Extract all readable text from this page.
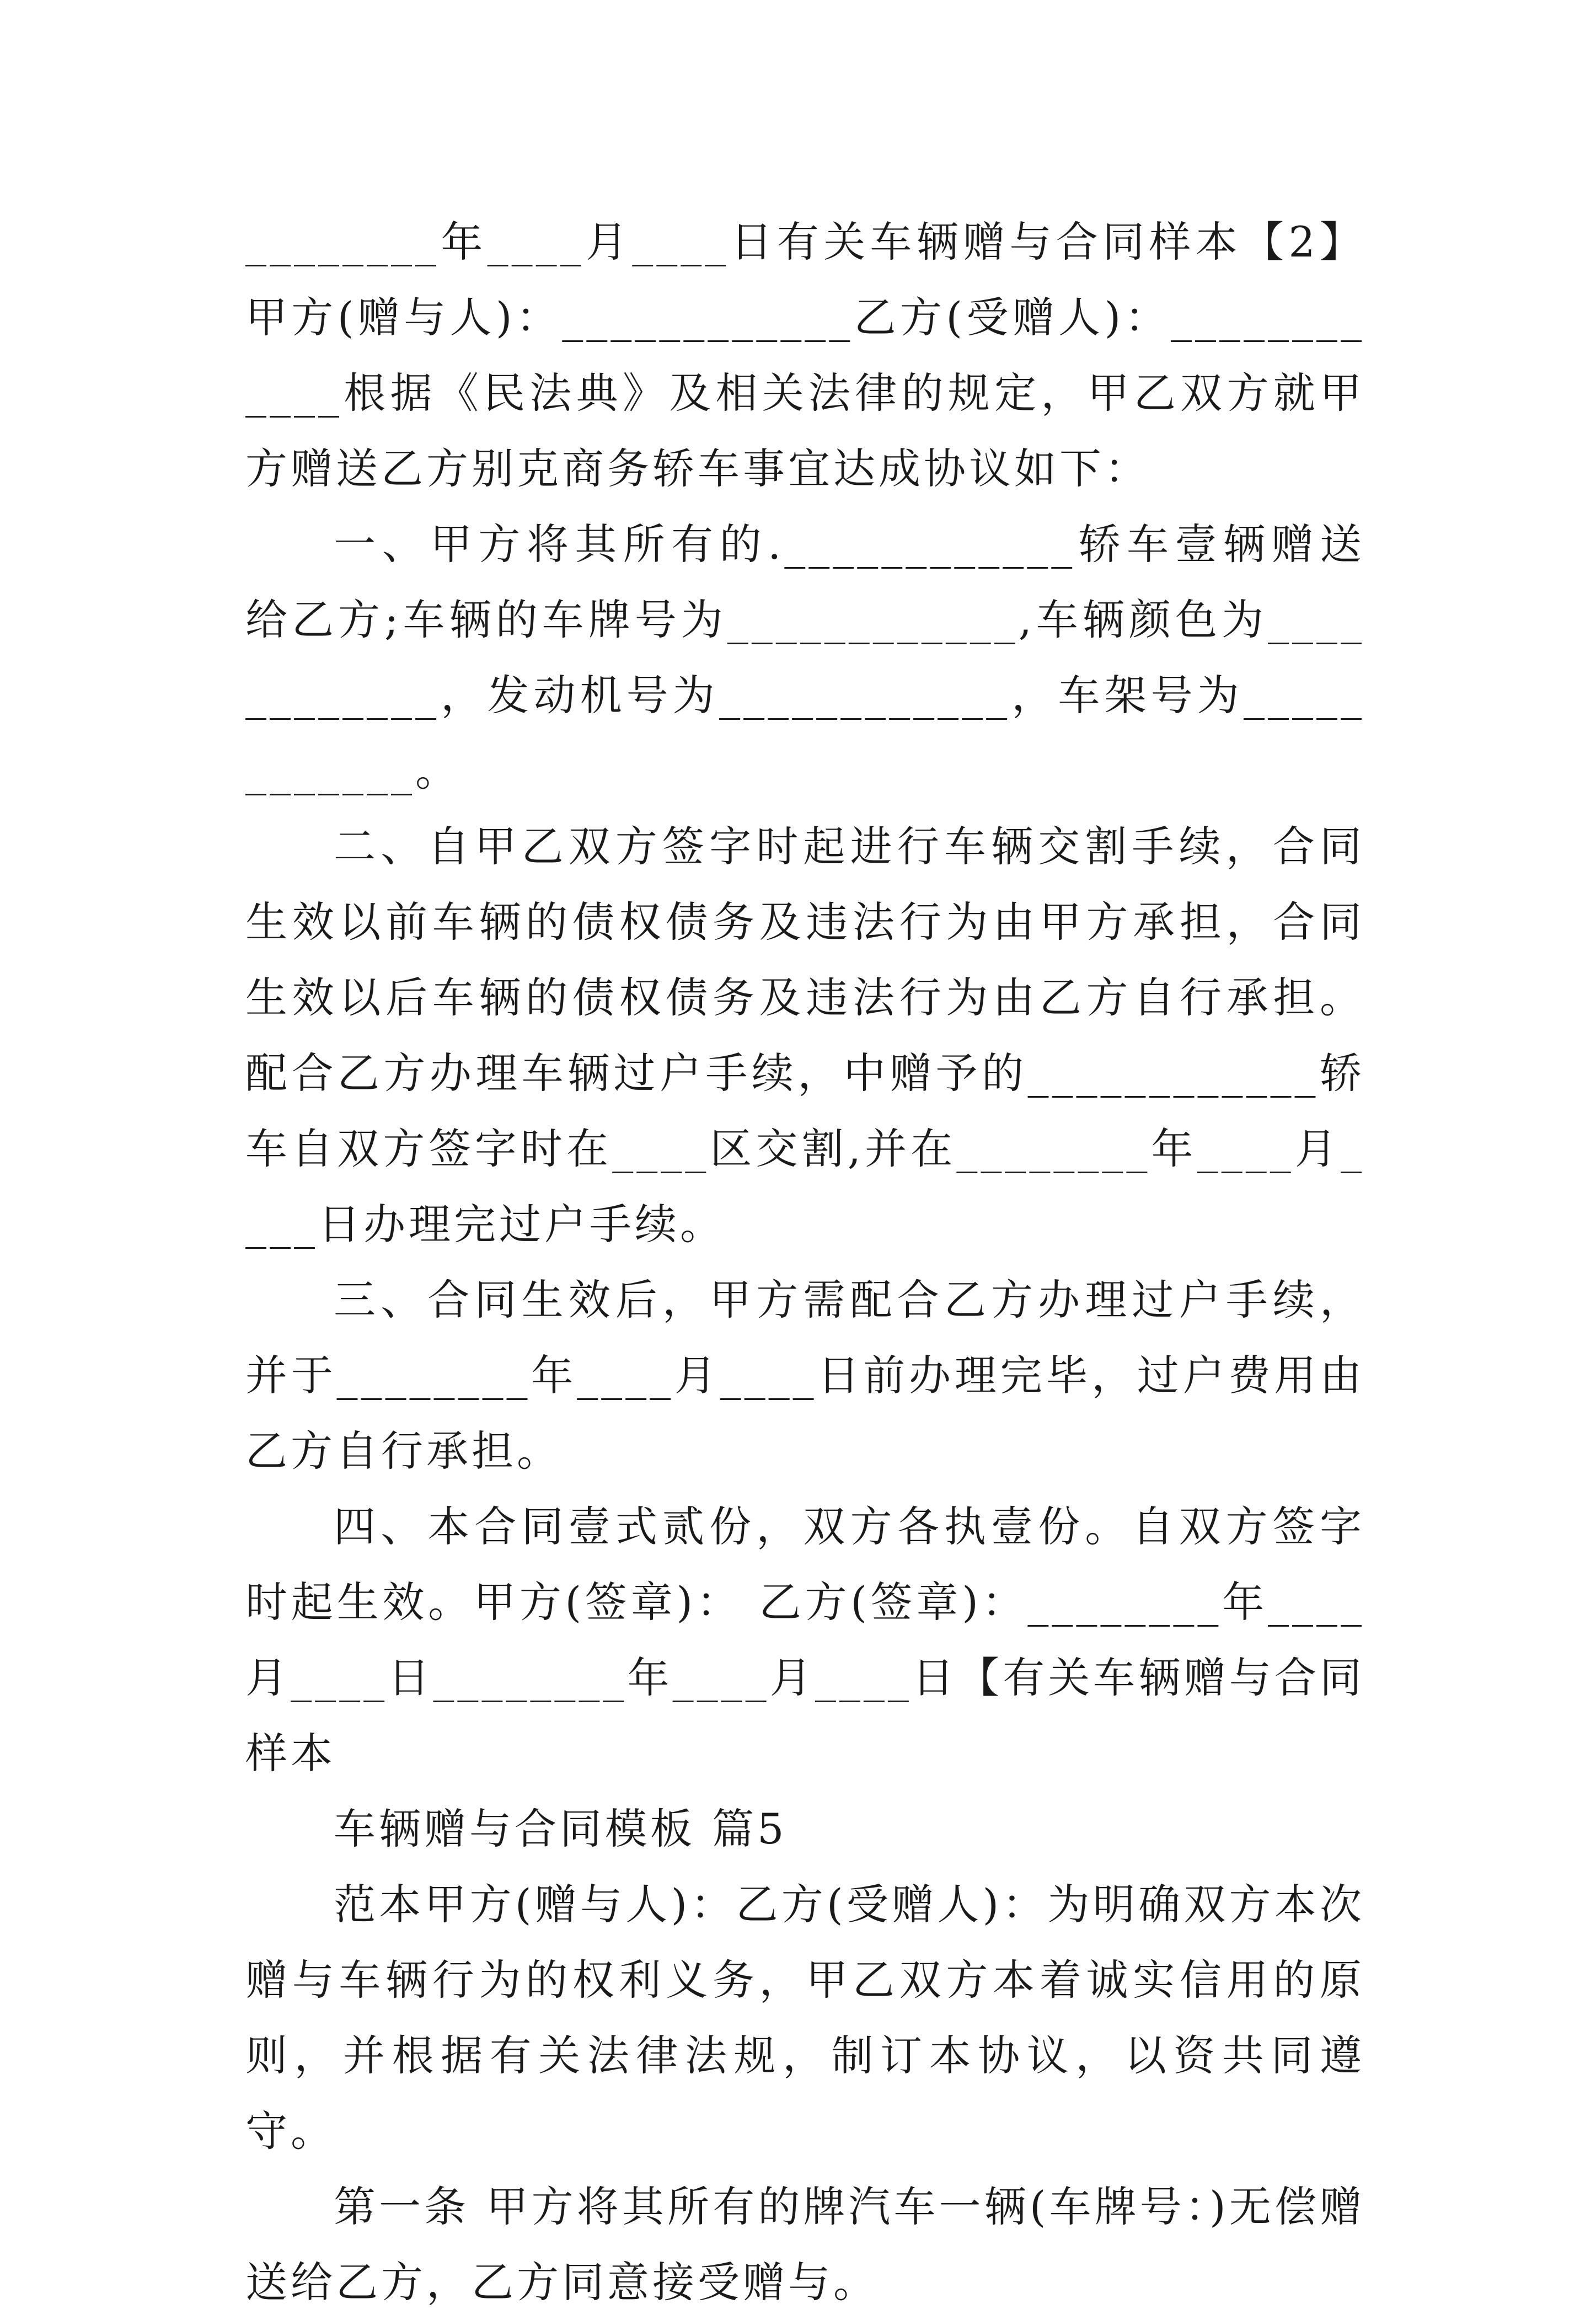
________年____月____日有关车辆赠与合同样本【2】甲方(赠与人)：____________乙方(受赠人)：____________根据《民法典》及相关法律的规定，甲乙双方就甲方赠送乙方别克商务轿车事宜达成协议如下：

一、甲方将其所有的.____________轿车壹辆赠送给乙方;车辆的车牌号为____________,车辆颜色为____________，发动机号为____________，车架号为____________。

二、自甲乙双方签字时起进行车辆交割手续，合同生效以前车辆的债权债务及违法行为由甲方承担，合同生效以后车辆的债权债务及违法行为由乙方自行承担。配合乙方办理车辆过户手续，中赠予的____________轿车自双方签字时在____区交割,并在________年____月____日办理完过户手续。

三、合同生效后，甲方需配合乙方办理过户手续，并于________年____月____日前办理完毕，过户费用由乙方自行承担。

四、本合同壹式贰份，双方各执壹份。自双方签字时起生效。甲方(签章)： 乙方(签章)：________年____月____日________年____月____日【有关车辆赠与合同样本

车辆赠与合同模板 篇5

范本甲方(赠与人)：乙方(受赠人)：为明确双方本次赠与车辆行为的权利义务，甲乙双方本着诚实信用的原则，并根据有关法律法规，制订本协议，以资共同遵守。

第一条 甲方将其所有的牌汽车一辆(车牌号：)无偿赠送给乙方，乙方同意接受赠与。
